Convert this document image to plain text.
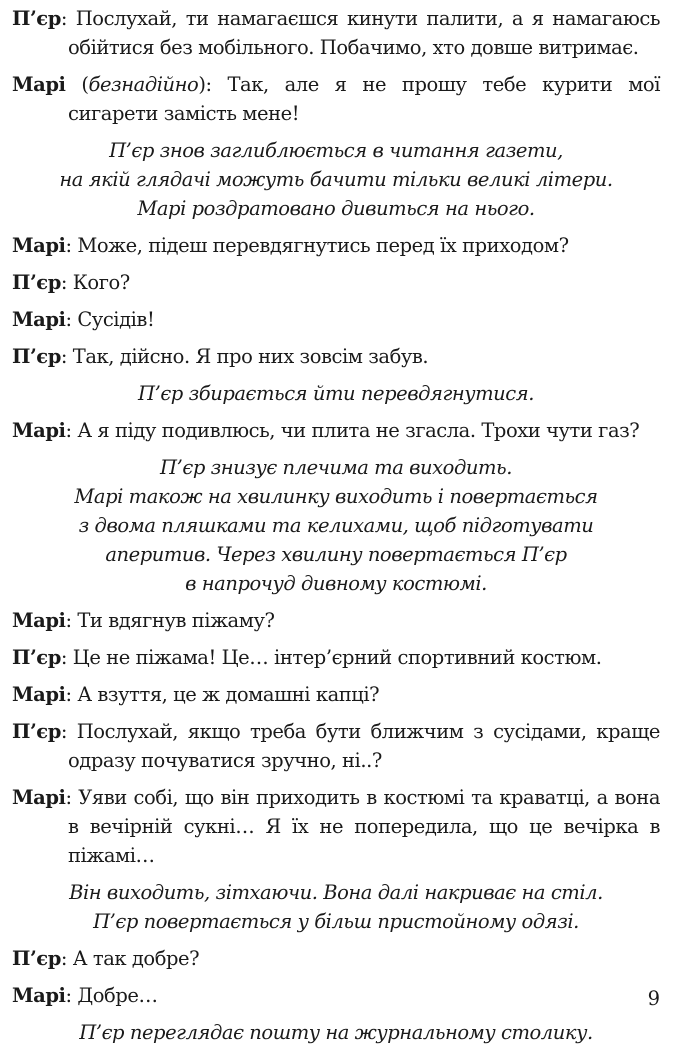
П’єр: Послухай, ти намагаєшся кинути палити, а я намагаюсь обійтися без мобільного. Побачимо, хто довше витримає.

Марі (безнадійно): Так, але я не прошу тебе курити мої сигарети замість мене!

П’єр знов заглиблюється в читання газети,
на якій глядачі можуть бачити тільки великі літери.
Марі роздратовано дивиться на нього.

Марі: Може, підеш перевдягнутись перед їх приходом?

П’єр: Кого?

Марі: Сусідів!

П’єр: Так, дійсно. Я про них зовсім забув.

П’єр збирається йти перевдягнутися.

Марі: А я піду подивлюсь, чи плита не згасла. Трохи чути газ?

П’єр знизує плечима та виходить.
Марі також на хвилинку виходить і повертається
з двома пляшками та келихами, щоб підготувати
аперитив. Через хвилину повертається П’єр
в напрочуд дивному костюмі.

Марі: Ти вдягнув піжаму?

П’єр: Це не піжама! Це… інтер’єрний спортивний костюм.

Марі: А взуття, це ж домашні капці?

П’єр: Послухай, якщо треба бути ближчим з сусідами, краще одразу почуватися зручно, ні..?

Марі: Уяви собі, що він приходить в костюмі та краватці, а вона в вечірній сукні… Я їх не попередила, що це вечірка в піжамі…

Він виходить, зітхаючи. Вона далі накриває на стіл.
П’єр повертається у більш пристойному одязі.

П’єр: А так добре?

Марі: Добре…

П’єр переглядає пошту на журнальному столику.
9
